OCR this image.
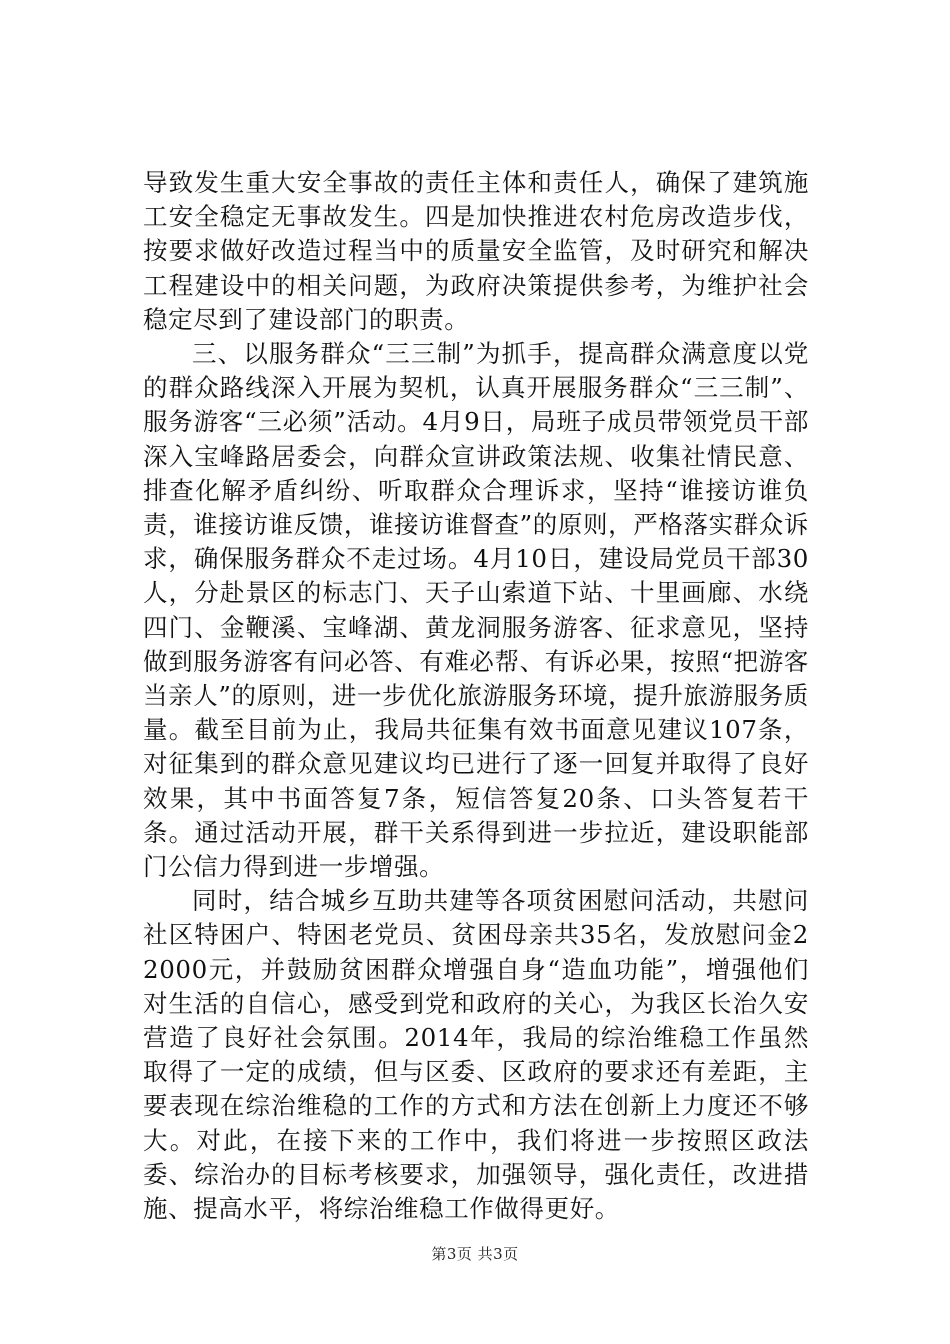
导致发生重大安全事故的责任主体和责任人，确保了建筑施工安全稳定无事故发生。四是加快推进农村危房改造步伐，按要求做好改造过程当中的质量安全监管，及时研究和解决工程建设中的相关问题，为政府决策提供参考，为维护社会稳定尽到了建设部门的职责。

三、以服务群众“三三制”为抓手，提高群众满意度以党的群众路线深入开展为契机，认真开展服务群众“三三制”、服务游客“三必须”活动。4月9日，局班子成员带领党员干部深入宝峰路居委会，向群众宣讲政策法规、收集社情民意、排查化解矛盾纠纷、听取群众合理诉求，坚持“谁接访谁负责，谁接访谁反馈，谁接访谁督查”的原则，严格落实群众诉求，确保服务群众不走过场。4月10日，建设局党员干部30人，分赴景区的标志门、天子山索道下站、十里画廊、水绕四门、金鞭溪、宝峰湖、黄龙洞服务游客、征求意见，坚持做到服务游客有问必答、有难必帮、有诉必果，按照“把游客当亲人”的原则，进一步优化旅游服务环境，提升旅游服务质量。截至目前为止，我局共征集有效书面意见建议107条，对征集到的群众意见建议均已进行了逐一回复并取得了良好效果，其中书面答复7条，短信答复20条、口头答复若干条。通过活动开展，群干关系得到进一步拉近，建设职能部门公信力得到进一步增强。

同时，结合城乡互助共建等各项贫困慰问活动，共慰问社区特困户、特困老党员、贫困母亲共35名，发放慰问金22000元，并鼓励贫困群众增强自身“造血功能”，增强他们对生活的自信心，感受到党和政府的关心，为我区长治久安营造了良好社会氛围。2014年，我局的综治维稳工作虽然取得了一定的成绩，但与区委、区政府的要求还有差距，主要表现在综治维稳的工作的方式和方法在创新上力度还不够大。对此，在接下来的工作中，我们将进一步按照区政法委、综治办的目标考核要求，加强领导，强化责任，改进措施、提高水平，将综治维稳工作做得更好。

第3页 共3页
